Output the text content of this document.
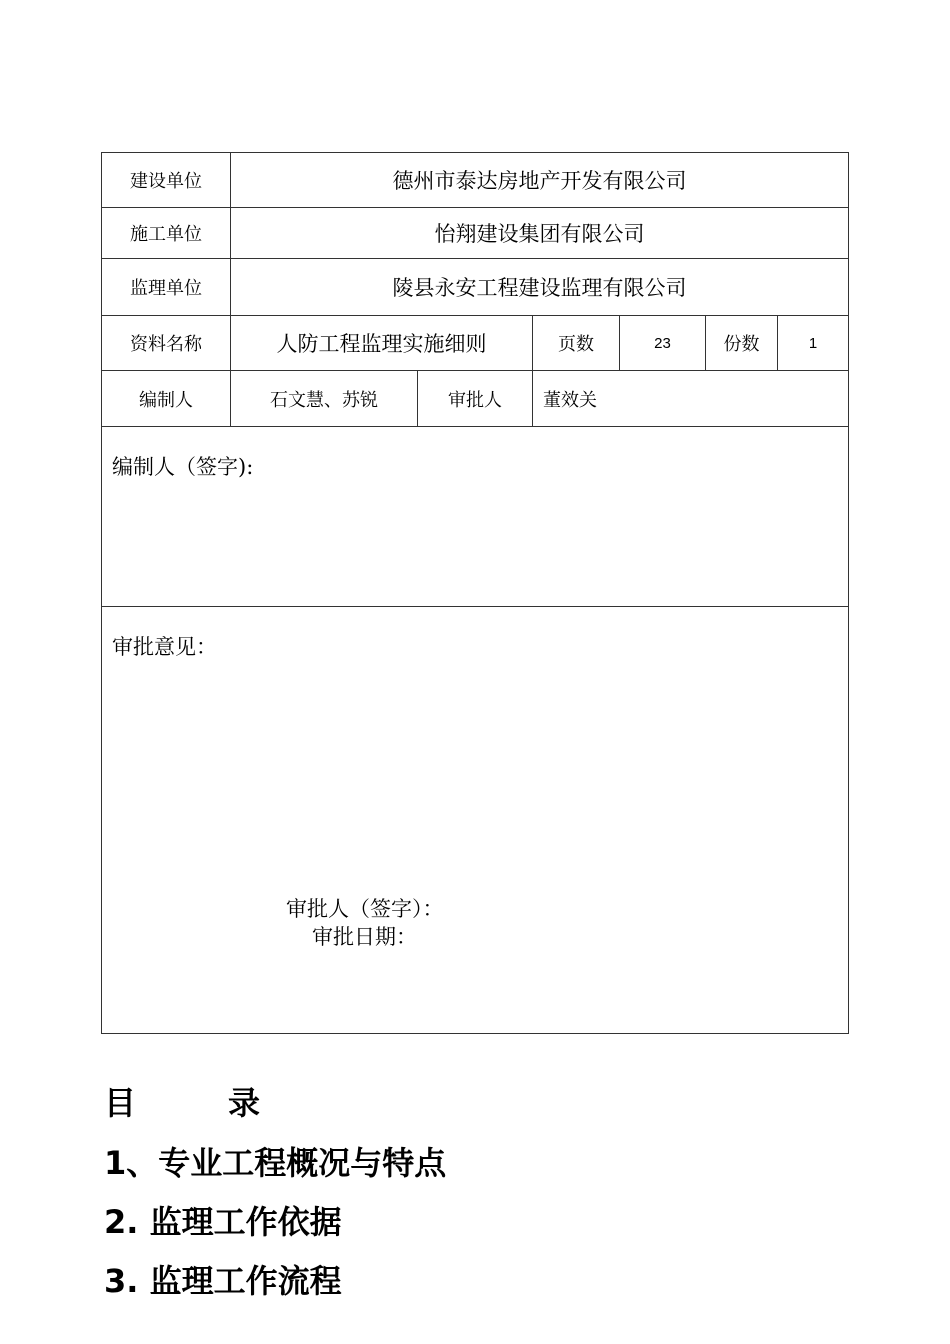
建设单位	德州市泰达房地产开发有限公司
施工单位	怡翔建设集团有限公司
监理单位	陵县永安工程建设监理有限公司
资料名称	人防工程监理实施细则	页数	23	份数	1
编制人	石文慧、苏锐	审批人	董效关
编制人（签字):
审批意见：
审批人（签字）：
审批日期：
目	录
1、专业工程概况与特点
2. 监理工作依据
3. 监理工作流程
